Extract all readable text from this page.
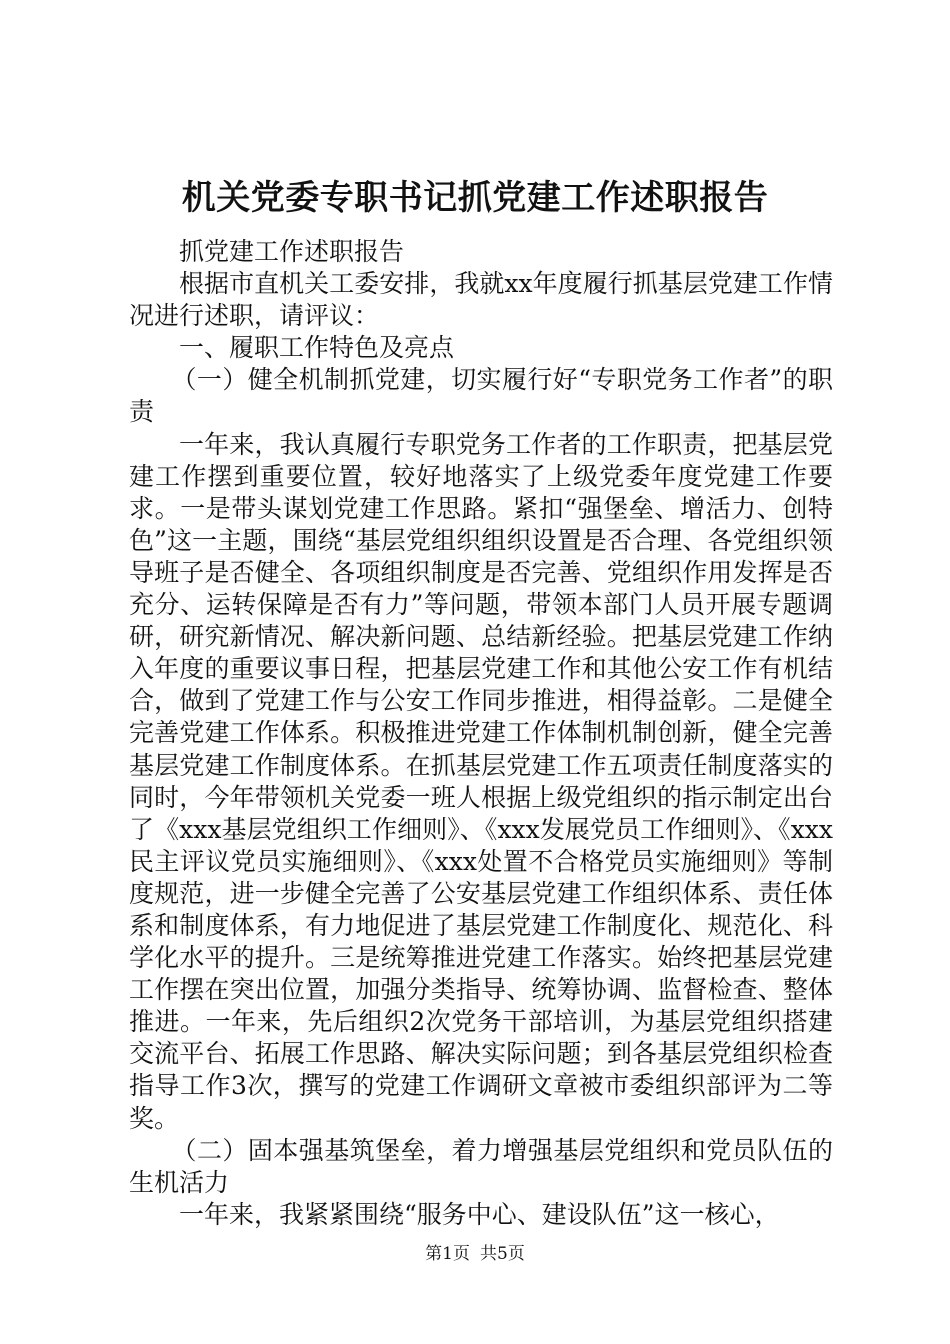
机关党委专职书记抓党建工作述职报告

抓党建工作述职报告

根据市直机关工委安排，我就xx年度履行抓基层党建工作情况进行述职，请评议：

一、履职工作特色及亮点

（一）健全机制抓党建，切实履行好“专职党务工作者”的职责

一年来，我认真履行专职党务工作者的工作职责，把基层党建工作摆到重要位置，较好地落实了上级党委年度党建工作要求。一是带头谋划党建工作思路。紧扣“强堡垒、增活力、创特色”这一主题，围绕“基层党组织组织设置是否合理、各党组织领导班子是否健全、各项组织制度是否完善、党组织作用发挥是否充分、运转保障是否有力”等问题，带领本部门人员开展专题调研，研究新情况、解决新问题、总结新经验。把基层党建工作纳入年度的重要议事日程，把基层党建工作和其他公安工作有机结合，做到了党建工作与公安工作同步推进，相得益彰。二是健全完善党建工作体系。积极推进党建工作体制机制创新，健全完善基层党建工作制度体系。在抓基层党建工作五项责任制度落实的同时，今年带领机关党委一班人根据上级党组织的指示制定出台了《xxx基层党组织工作细则》、《xxx发展党员工作细则》、《xxx民主评议党员实施细则》、《xxx处置不合格党员实施细则》等制度规范，进一步健全完善了公安基层党建工作组织体系、责任体系和制度体系，有力地促进了基层党建工作制度化、规范化、科学化水平的提升。三是统筹推进党建工作落实。始终把基层党建工作摆在突出位置，加强分类指导、统筹协调、监督检查、整体推进。一年来，先后组织2次党务干部培训，为基层党组织搭建交流平台、拓展工作思路、解决实际问题；到各基层党组织检查指导工作3次，撰写的党建工作调研文章被市委组织部评为二等奖。

（二）固本强基筑堡垒，着力增强基层党组织和党员队伍的生机活力

一年来，我紧紧围绕“服务中心、建设队伍”这一核心，

第1页 共5页
